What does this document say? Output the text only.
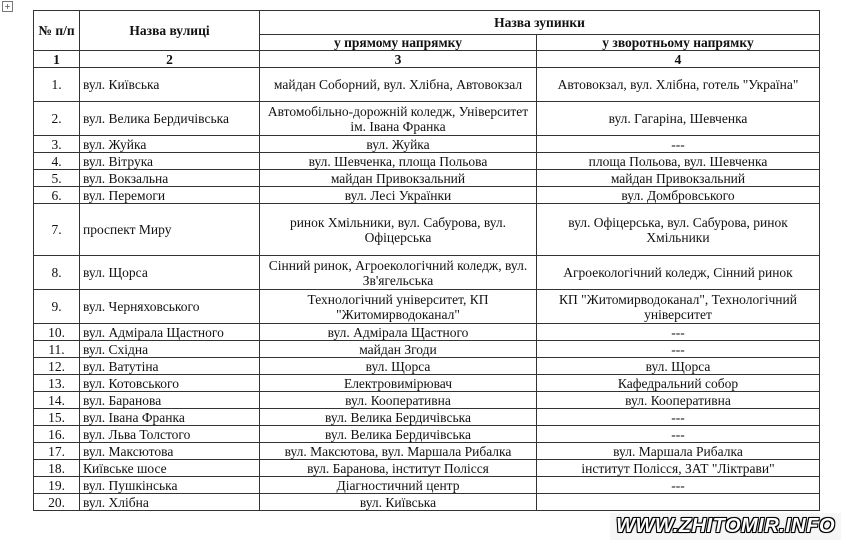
+
№ п/п	Назва вулиці	Назва зупинки	
		у прямому напрямку	у зворотньому напрямку
1	2	3	4
1.	вул. Київська	майдан Соборний, вул. Хлібна, Автовокзал	Автовокзал, вул. Хлібна, готель "Україна"
2.	вул. Велика Бердичівська	Автомобільно-дорожній коледж, Університет ім. Івана Франка	вул. Гагаріна, Шевченка
3.	вул. Жуйка	вул. Жуйка	---
4.	вул. Вітрука	вул. Шевченка, площа Польова	площа Польова, вул. Шевченка
5.	вул. Вокзальна	майдан Привокзальний	майдан Привокзальний
6.	вул. Перемоги	вул. Лесі Українки	вул. Домбровського
7.	проспект Миру	ринок Хмільники, вул. Сабурова, вул. Офіцерська	вул. Офіцерська, вул. Сабурова, ринок Хмільники
8.	вул. Щорса	Сінний ринок, Агроекологічний коледж, вул. Зв'ягельська	Агроекологічний коледж, Сінний ринок
9.	вул. Черняховського	Технологічний університет, КП "Житомирводоканал"	КП "Житомирводоканал", Технологічний університет
10.	вул. Адмірала Щастного	вул. Адмірала Щастного	---
11.	вул. Східна	майдан Згоди	---
12.	вул. Ватутіна	вул. Щорса	вул. Щорса
13.	вул. Котовського	Електровимірювач	Кафедральний собор
14.	вул. Баранова	вул. Кооперативна	вул. Кооперативна
15.	вул. Івана Франка	вул. Велика Бердичівська	---
16.	вул. Льва Толстого	вул. Велика Бердичівська	---
17.	вул. Максютова	вул. Максютова, вул. Маршала Рибалка	вул. Маршала Рибалка
18.	Київське шосе	вул. Баранова, інститут Полісся	інститут Полісся, ЗАТ "Ліктрави"
19.	вул. Пушкінська	Діагностичний центр	---
20.	вул. Хлібна	вул. Київська	
WWW.ZHITOMIR.INFO
